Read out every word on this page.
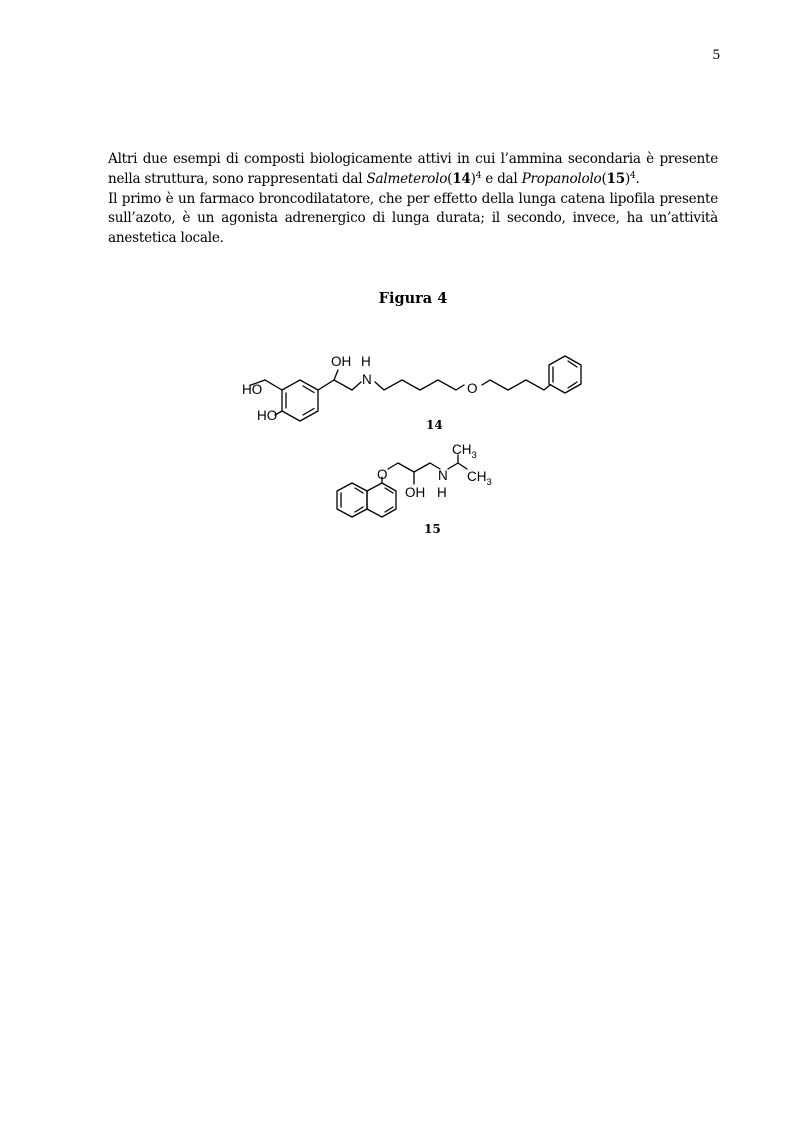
5

Altri due esempi di composti biologicamente attivi in cui l’ammina secondaria è presente nella struttura, sono rappresentati dal $Salmeterolo(14)^4$ e dal $Propanololo(15)^4$.

Il primo è un farmaco broncodilatatore, che per effetto della lunga catena lipofila presente sull’azoto, è un agonista adrenergico di lunga durata; il secondo, invece, ha un’attività anestetica locale.

Figura 4
OH H
N
O
HO
HO
14
O
OH
N
H
$CH_3$
$CH_3$
15
